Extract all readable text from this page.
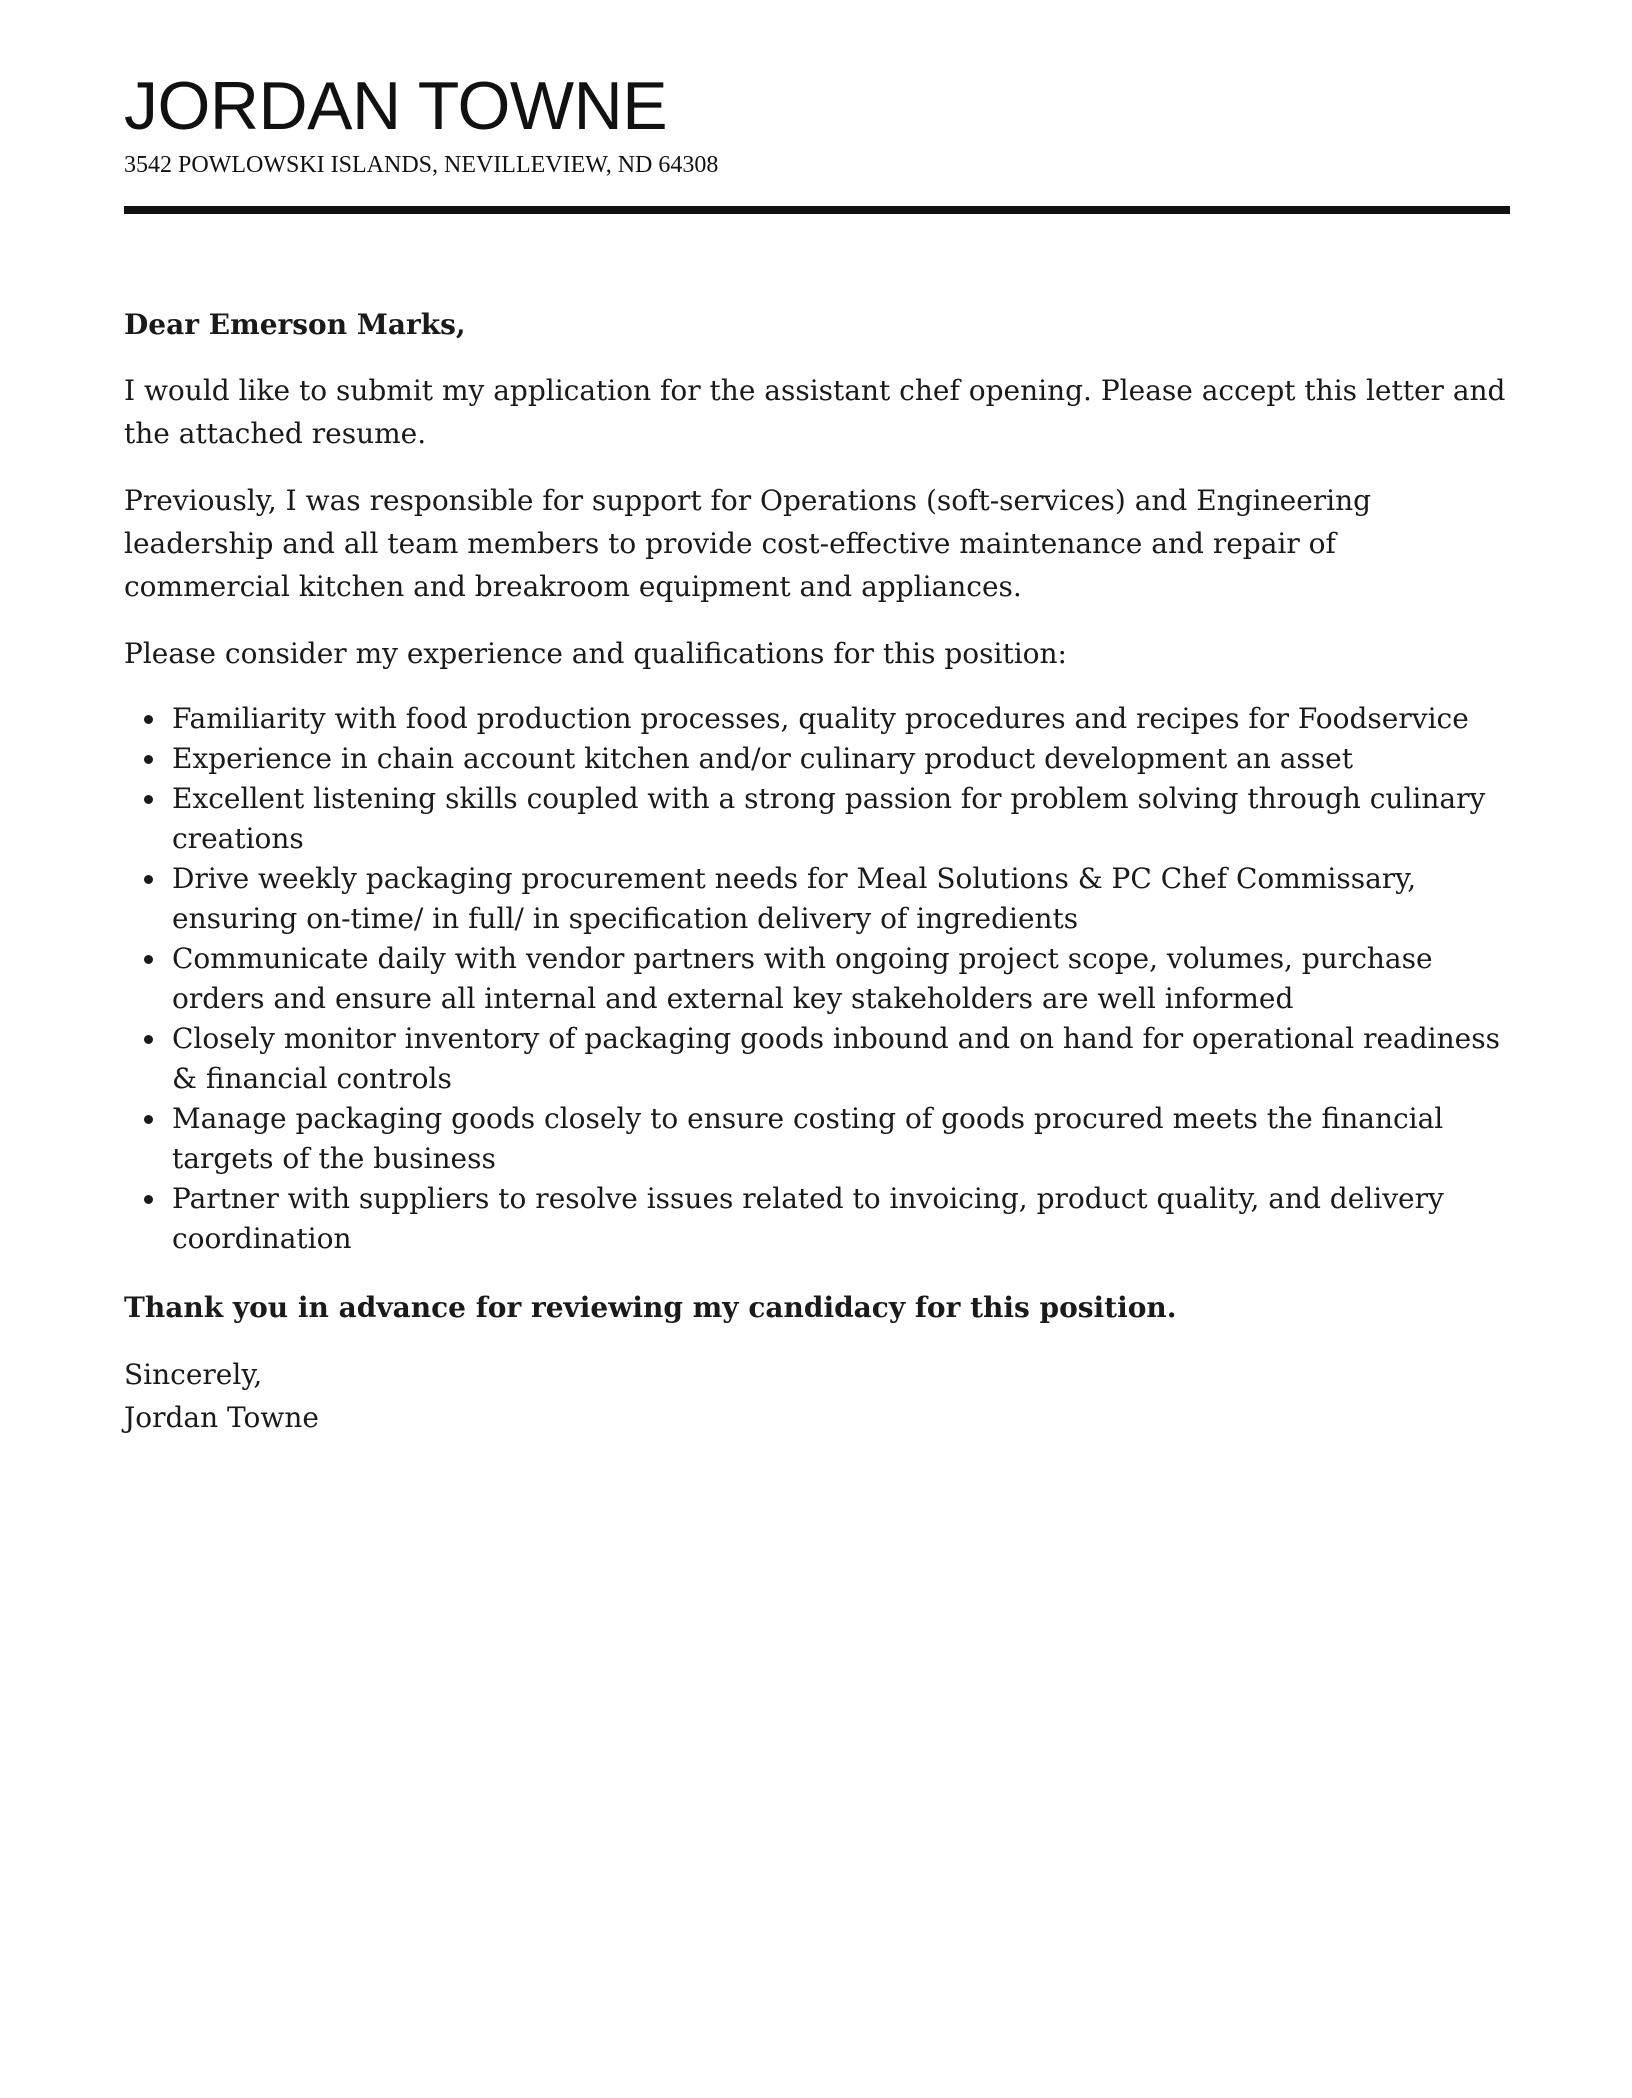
JORDAN TOWNE
3542 POWLOWSKI ISLANDS, NEVILLEVIEW, ND 64308
Dear Emerson Marks,

I would like to submit my application for the assistant chef opening. Please accept this letter and the attached resume.

Previously, I was responsible for support for Operations (soft-services) and Engineering leadership and all team members to provide cost-effective maintenance and repair of commercial kitchen and breakroom equipment and appliances.

Please consider my experience and qualifications for this position:

Familiarity with food production processes, quality procedures and recipes for Foodservice
Experience in chain account kitchen and/or culinary product development an asset
Excellent listening skills coupled with a strong passion for problem solving through culinary creations
Drive weekly packaging procurement needs for Meal Solutions & PC Chef Commissary, ensuring on-time/ in full/ in specification delivery of ingredients
Communicate daily with vendor partners with ongoing project scope, volumes, purchase orders and ensure all internal and external key stakeholders are well informed
Closely monitor inventory of packaging goods inbound and on hand for operational readiness & financial controls
Manage packaging goods closely to ensure costing of goods procured meets the financial targets of the business
Partner with suppliers to resolve issues related to invoicing, product quality, and delivery coordination

Thank you in advance for reviewing my candidacy for this position.

Sincerely,
Jordan Towne
